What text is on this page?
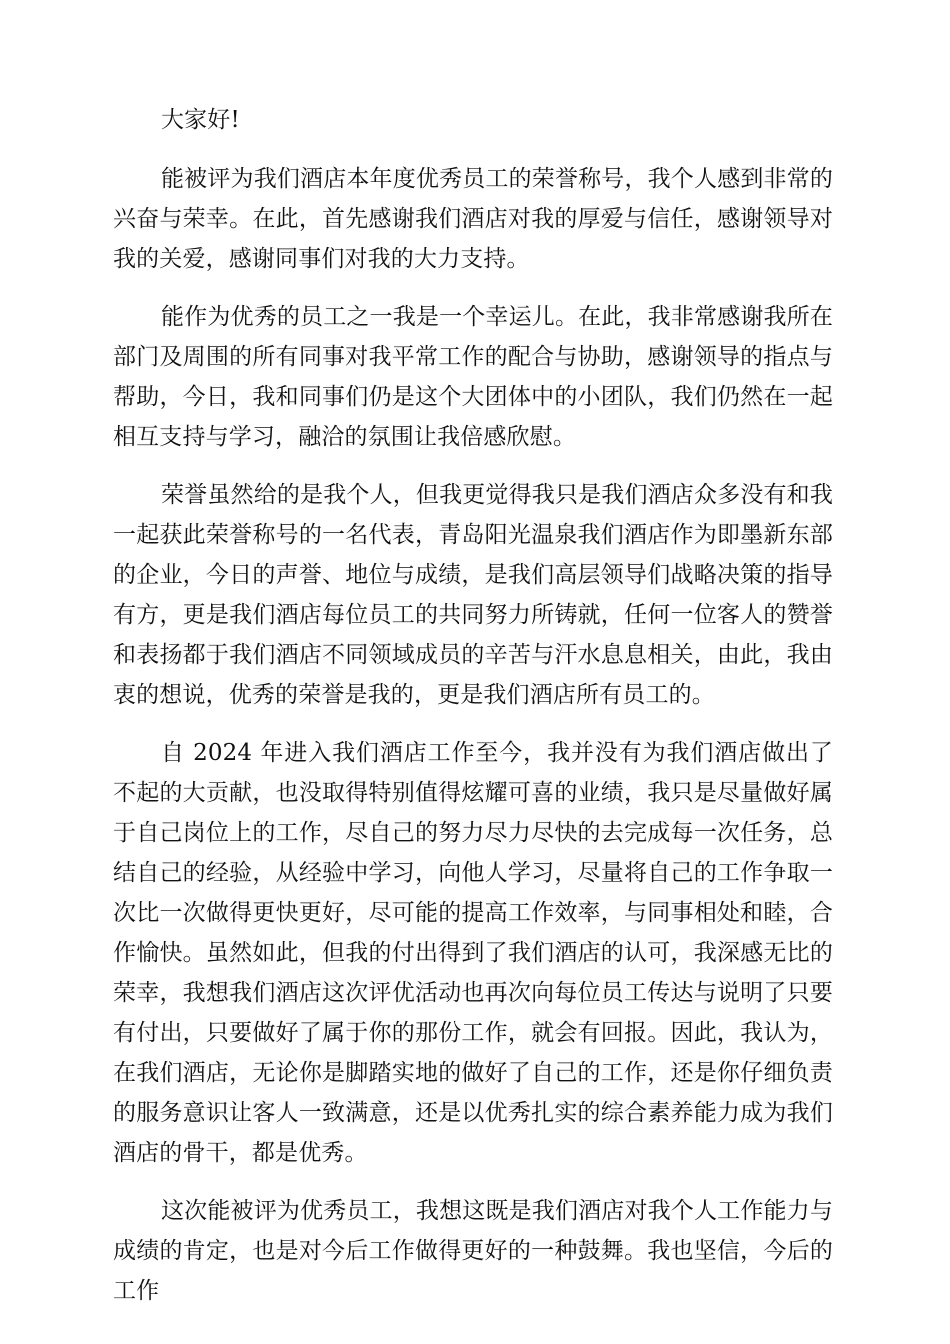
大家好!

能被评为我们酒店本年度优秀员工的荣誉称号，我个人感到非常的兴奋与荣幸。在此，首先感谢我们酒店对我的厚爱与信任，感谢领导对我的关爱，感谢同事们对我的大力支持。

能作为优秀的员工之一我是一个幸运儿。在此，我非常感谢我所在部门及周围的所有同事对我平常工作的配合与协助，感谢领导的指点与帮助，今日，我和同事们仍是这个大团体中的小团队，我们仍然在一起相互支持与学习，融洽的氛围让我倍感欣慰。

荣誉虽然给的是我个人，但我更觉得我只是我们酒店众多没有和我一起获此荣誉称号的一名代表，青岛阳光温泉我们酒店作为即墨新东部的企业，今日的声誉、地位与成绩，是我们高层领导们战略决策的指导有方，更是我们酒店每位员工的共同努力所铸就，任何一位客人的赞誉和表扬都于我们酒店不同领域成员的辛苦与汗水息息相关，由此，我由衷的想说，优秀的荣誉是我的，更是我们酒店所有员工的。

自 2024 年进入我们酒店工作至今，我并没有为我们酒店做出了不起的大贡献，也没取得特别值得炫耀可喜的业绩，我只是尽量做好属于自己岗位上的工作，尽自己的努力尽力尽快的去完成每一次任务，总结自己的经验，从经验中学习，向他人学习，尽量将自己的工作争取一次比一次做得更快更好，尽可能的提高工作效率，与同事相处和睦，合作愉快。虽然如此，但我的付出得到了我们酒店的认可，我深感无比的荣幸，我想我们酒店这次评优活动也再次向每位员工传达与说明了只要有付出，只要做好了属于你的那份工作，就会有回报。因此，我认为，在我们酒店，无论你是脚踏实地的做好了自己的工作，还是你仔细负责的服务意识让客人一致满意，还是以优秀扎实的综合素养能力成为我们酒店的骨干，都是优秀。

这次能被评为优秀员工，我想这既是我们酒店对我个人工作能力与成绩的肯定，也是对今后工作做得更好的一种鼓舞。我也坚信，今后的工作
